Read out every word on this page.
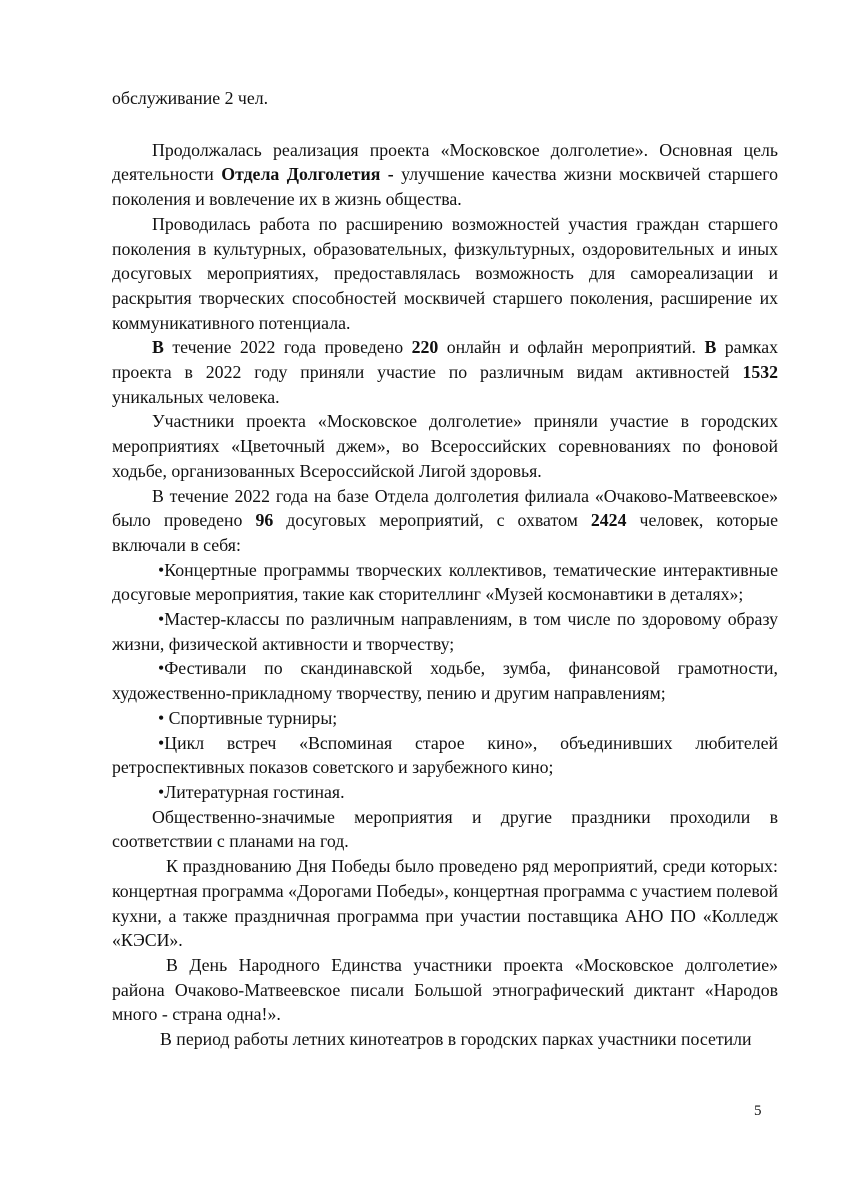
обслуживание 2 чел.

Продолжалась реализация проекта «Московское долголетие». Основная цель деятельности Отдела Долголетия - улучшение качества жизни москвичей старшего поколения и вовлечение их в жизнь общества.

Проводилась работа по расширению возможностей участия граждан старшего поколения в культурных, образовательных, физкультурных, оздоровительных и иных досуговых мероприятиях, предоставлялась возможность для самореализации и раскрытия творческих способностей москвичей старшего поколения, расширение их коммуникативного потенциала.

В течение 2022 года проведено 220 онлайн и офлайн мероприятий. В рамках проекта в 2022 году приняли участие по различным видам активностей 1532 уникальных человека.

Участники проекта «Московское долголетие» приняли участие в городских мероприятиях «Цветочный джем», во Всероссийских соревнованиях по фоновой ходьбе, организованных Всероссийской Лигой здоровья.

В течение 2022 года на базе Отдела долголетия филиала «Очаково-Матвеевское» было проведено 96 досуговых мероприятий, с охватом 2424 человек, которые включали в себя:

•Концертные программы творческих коллективов, тематические интерактивные досуговые мероприятия, такие как сторителлинг «Музей космонавтики в деталях»;

•Мастер-классы по различным направлениям, в том числе по здоровому образу жизни, физической активности и творчеству;

•Фестивали по скандинавской ходьбе, зумба, финансовой грамотности, художественно-прикладному творчеству, пению и другим направлениям;

• Спортивные турниры;

•Цикл встреч «Вспоминая старое кино», объединивших любителей ретроспективных показов советского и зарубежного кино;

•Литературная гостиная.

Общественно-значимые мероприятия и другие праздники проходили в соответствии с планами на год.

К празднованию Дня Победы было проведено ряд мероприятий, среди которых: концертная программа «Дорогами Победы», концертная программа с участием полевой кухни, а также праздничная программа при участии поставщика АНО ПО «Колледж «КЭСИ».

В День Народного Единства участники проекта «Московское долголетие» района Очаково-Матвеевское писали Большой этнографический диктант «Народов много - страна одна!».

В период работы летних кинотеатров в городских парках участники посетили

5
